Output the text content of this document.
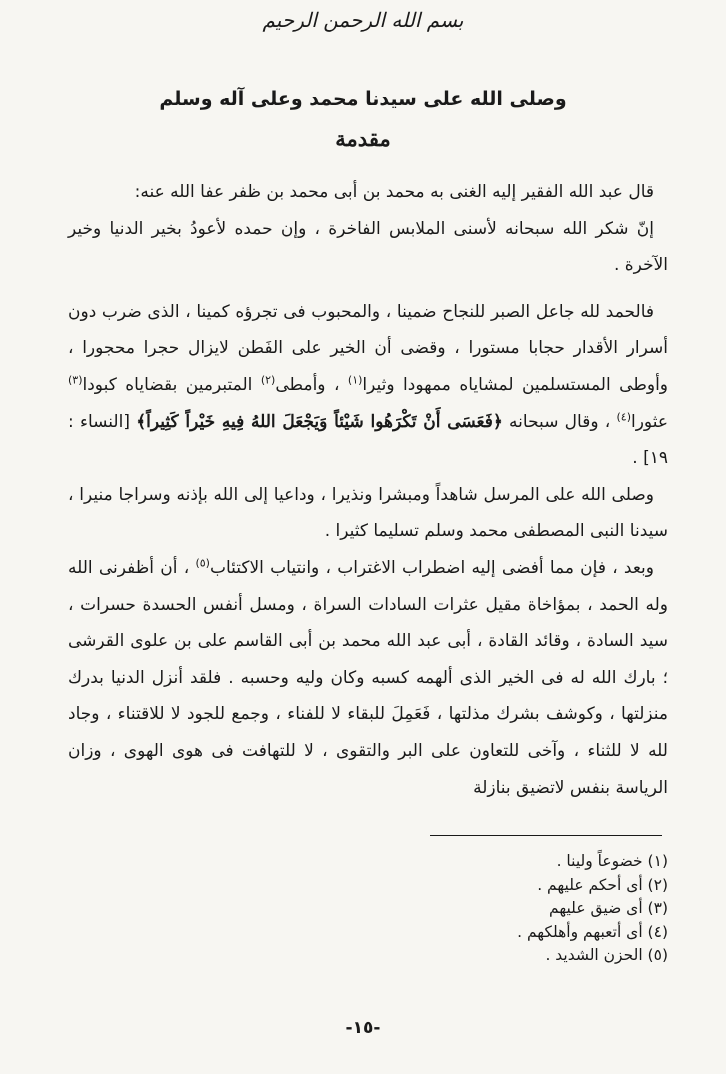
بسم الله الرحمن الرحيم
وصلى الله على سيدنا محمد وعلى آله وسلم
مقدمة

قال عبد الله الفقير إليه الغنى به محمد بن أبى محمد بن ظفر عفا الله عنه:

إنّ شكر الله سبحانه لأسنى الملابس الفاخرة ، وإن حمده لأعودُ بخير الدنيا وخير الآخرة .

فالحمد لله جاعل الصبر للنجاح ضمينا ، والمحبوب فى تجرؤه كمينا ، الذى ضرب دون أسرار الأقدار حجابا مستورا ، وقضى أن الخير على الفَطن لايزال حجرا محجورا ، وأوطى المستسلمين لمشاياه ممهودا وثيرا$^{(١)}$ ، وأمطى$^{(٢)}$ المتبرمين بقضاياه كبودا$^{(٣)}$ عثورا$^{(٤)}$ ، وقال سبحانه ﴿فَعَسَى أَنْ تَكْرَهُوا شَيْئاً وَيَجْعَلَ اللهُ فِيهِ خَيْراً كَثِيراً﴾ [النساء : ١٩] .

وصلى الله على المرسل شاهداً ومبشرا ونذيرا ، وداعيا إلى الله بإذنه وسراجا منيرا ، سيدنا النبى المصطفى محمد وسلم تسليما كثيرا .

وبعد ، فإن مما أفضى إليه اضطراب الاغتراب ، وانتياب الاكتئاب$^{(٥)}$ ، أن أظفرنى الله وله الحمد ، بمؤاخاة مقيل عثرات السادات السراة ، ومسل أنفس الحسدة حسرات ، سيد السادة ، وقائد القادة ، أبى عبد الله محمد بن أبى القاسم على بن علوى القرشى ؛ بارك الله له فى الخير الذى ألهمه كسبه وكان وليه وحسبه . فلقد أنزل الدنيا بدرك منزلتها ، وكوشف بشرك مذلتها ، فَعَمِلَ للبقاء لا للفناء ، وجمع للجود لا للاقتناء ، وجاد لله لا للثناء ، وآخى للتعاون على البر والتقوى ، لا للتهافت فى هوى الهوى ، وزان الرياسة بنفس لاتضيق بنازلة

(١) خضوعاً ولينا .
(٢) أى أحكم عليهم .
(٣) أى ضيق عليهم
(٤) أى أتعبهم وأهلكهم .
(٥) الحزن الشديد .
-١٥-
